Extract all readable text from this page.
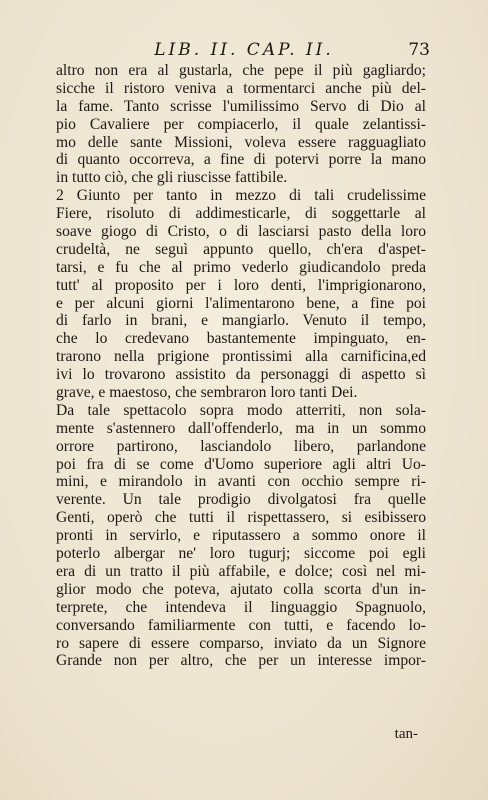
LIB. II. CAP. II.	73
altro non era al gustarla, che pepe il più gagliardo;
sicche il ristoro veniva a tormentarci anche più del-
la fame. Tanto scrisse l'umilissimo Servo di Dio al
pio Cavaliere per compiacerlo, il quale zelantissi-
mo delle sante Missioni, voleva essere ragguagliato
di quanto occorreva, a fine di potervi porre la mano
in tutto ciò, che gli riuscisse fattibile.
2 Giunto per tanto in mezzo di tali crudelissime
Fiere, risoluto di addimesticarle, di soggettarle al
soave giogo di Cristo, o di lasciarsi pasto della loro
crudeltà, ne seguì appunto quello, ch'era d'aspet-
tarsi, e fu che al primo vederlo giudicandolo preda
tutt' al proposito per i loro denti, l'imprigionarono,
e per alcuni giorni l'alimentarono bene, a fine poi
di farlo in brani, e mangiarlo. Venuto il tempo,
che lo credevano bastantemente impinguato, en-
trarono nella prigione prontissimi alla carnificina,ed
ivi lo trovarono assistito da personaggi di aspetto sì
grave, e maestoso, che sembraron loro tanti Dei.
Da tale spettacolo sopra modo atterriti, non sola-
mente s'astennero dall'offenderlo, ma in un sommo
orrore partirono, lasciandolo libero, parlandone
poi fra di se come d'Uomo superiore agli altri Uo-
mini, e mirandolo in avanti con occhio sempre ri-
verente. Un tale prodigio divolgatosi fra quelle
Genti, operò che tutti il rispettassero, si esibissero
pronti in servirlo, e riputassero a sommo onore il
poterlo albergar ne' loro tugurj; siccome poi egli
era di un tratto il più affabile, e dolce; così nel mi-
glior modo che poteva, ajutato colla scorta d'un in-
terprete, che intendeva il linguaggio Spagnuolo,
conversando familiarmente con tutti, e facendo lo-
ro sapere di essere comparso, inviato da un Signore
Grande non per altro, che per un interesse impor-
tan-
